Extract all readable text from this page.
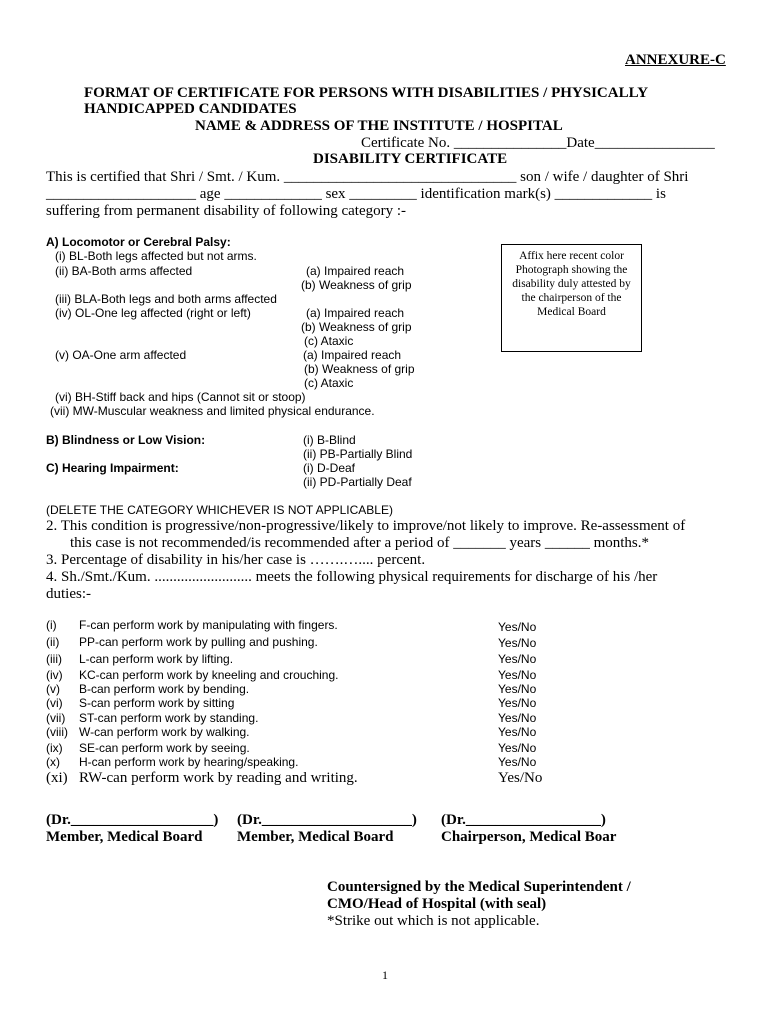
ANNEXURE-C
FORMAT OF CERTIFICATE FOR PERSONS WITH DISABILITIES / PHYSICALLY
HANDICAPPED CANDIDATES
NAME & ADDRESS OF THE INSTITUTE / HOSPITAL
Certificate No. _______________Date________________
DISABILITY CERTIFICATE
This is certified that Shri / Smt. / Kum. _______________________________ son / wife / daughter of Shri
____________________ age _____________ sex _________ identification mark(s) _____________ is
suffering from permanent disability of following category :-
A) Locomotor or Cerebral Palsy:
(i) BL-Both legs affected but not arms.
(ii) BA-Both arms affected	(a) Impaired reach
(b) Weakness of grip
(iii) BLA-Both legs and both arms affected
(iv) OL-One leg affected (right or left)	(a) Impaired reach
(b) Weakness of grip
(c) Ataxic
(v) OA-One arm affected	(a) Impaired reach
(b) Weakness of grip
(c) Ataxic
(vi) BH-Stiff back and hips (Cannot sit or stoop)
(vii) MW-Muscular weakness and limited physical endurance.
Affix here recent color Photograph showing the disability duly attested by the chairperson of the Medical Board
B) Blindness or Low Vision:	(i) B-Blind
(ii) PB-Partially Blind
C) Hearing Impairment:	(i) D-Deaf
(ii) PD-Partially Deaf
(DELETE THE CATEGORY WHICHEVER IS NOT APPLICABLE)
2. This condition is progressive/non-progressive/likely to improve/not likely to improve. Re-assessment of
this case is not recommended/is recommended after a period of _______ years ______ months.*
3. Percentage of disability in his/her case is …….….... percent.
4. Sh./Smt./Kum. .......................... meets the following physical requirements for discharge of his /her
duties:-
(i) F-can perform work by manipulating with fingers.	Yes/No
(ii) PP-can perform work by pulling and pushing.	Yes/No
(iii) L-can perform work by lifting.	Yes/No
(iv) KC-can perform work by kneeling and crouching.	Yes/No
(v) B-can perform work by bending.	Yes/No
(vi) S-can perform work by sitting	Yes/No
(vii) ST-can perform work by standing.	Yes/No
(viii) W-can perform work by walking.	Yes/No
(ix) SE-can perform work by seeing.	Yes/No
(x) H-can perform work by hearing/speaking.	Yes/No
(xi) RW-can perform work by reading and writing.	Yes/No
(Dr.___________________)
Member, Medical Board
(Dr.____________________)
Member, Medical Board
(Dr.__________________)
Chairperson, Medical Boar
Countersigned by the Medical Superintendent /
CMO/Head of Hospital (with seal)
*Strike out which is not applicable.
1
